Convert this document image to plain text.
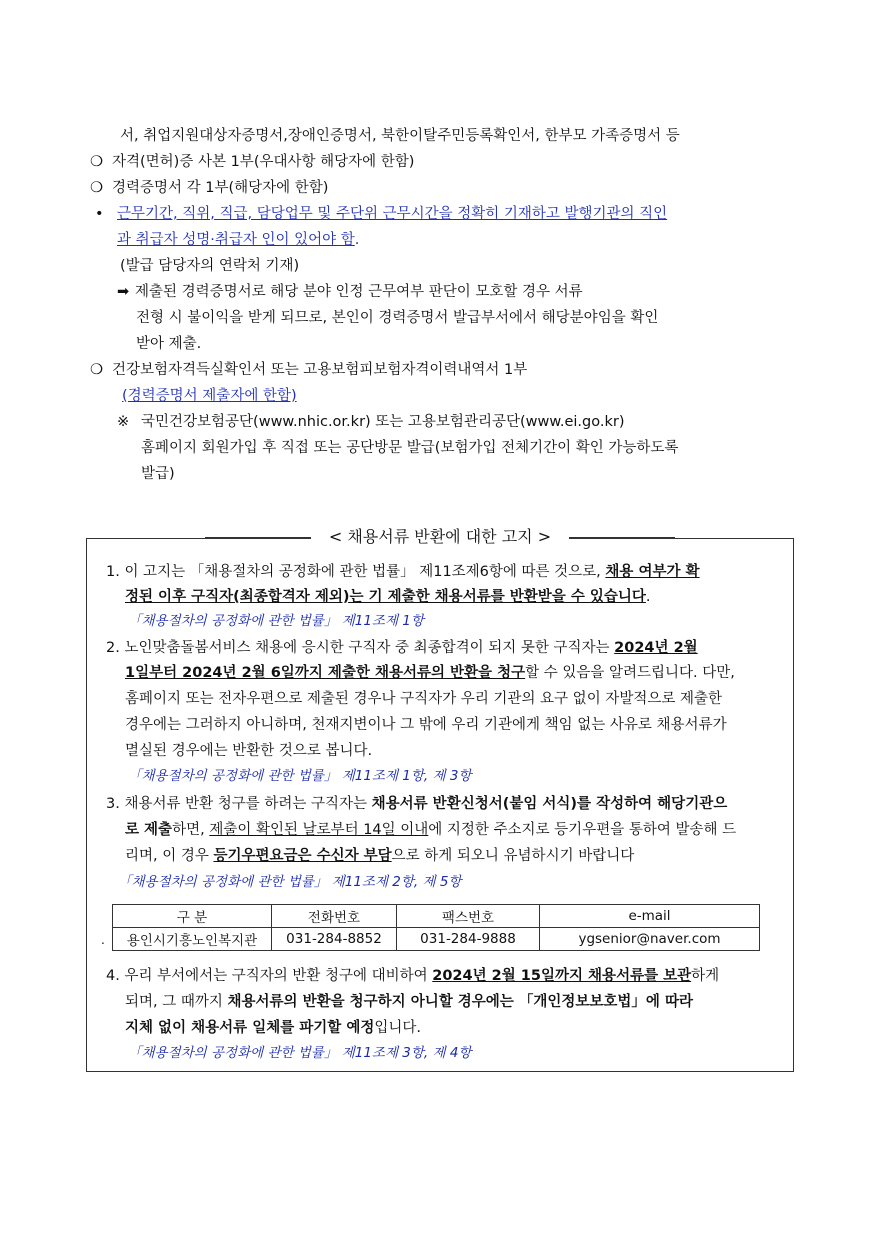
서, 취업지원대상자증명서,장애인증명서, 북한이탈주민등록확인서, 한부모 가족증명서 등
❍ 자격(면허)증 사본 1부(우대사항 해당자에 한함)
❍ 경력증명서 각 1부(해당자에 한함)
• 근무기간, 직위, 직급, 담당업무 및 주단위 근무시간을 정확히 기재하고 발행기관의 직인
과 취급자 성명·취급자 인이 있어야 함.
(발급 담당자의 연락처 기재)
➡ 제출된 경력증명서로 해당 분야 인정 근무여부 판단이 모호할 경우 서류
전형 시 불이익을 받게 되므로, 본인이 경력증명서 발급부서에서 해당분야임을 확인
받아 제출.
❍ 건강보험자격득실확인서 또는 고용보험피보험자격이력내역서 1부
(경력증명서 제출자에 한함)
※ 국민건강보험공단(www.nhic.or.kr) 또는 고용보험관리공단(www.ei.go.kr)
홈페이지 회원가입 후 직접 또는 공단방문 발급(보험가입 전체기간이 확인 가능하도록
발급)
< 채용서류 반환에 대한 고지 >
1. 이 고지는 「채용절차의 공정화에 관한 법률」 제11조제6항에 따른 것으로, 채용 여부가 확
정된 이후 구직자(최종합격자 제외)는 기 제출한 채용서류를 반환받을 수 있습니다.
「채용절차의 공정화에 관한 법률」 제11조제 1항
2. 노인맞춤돌봄서비스 채용에 응시한 구직자 중 최종합격이 되지 못한 구직자는 2024년 2월
1일부터 2024년 2월 6일까지 제출한 채용서류의 반환을 청구할 수 있음을 알려드립니다. 다만,
홈페이지 또는 전자우편으로 제출된 경우나 구직자가 우리 기관의 요구 없이 자발적으로 제출한
경우에는 그러하지 아니하며, 천재지변이나 그 밖에 우리 기관에게 책임 없는 사유로 채용서류가
멸실된 경우에는 반환한 것으로 봅니다.
「채용절차의 공정화에 관한 법률」 제11조제 1항, 제 3항
3. 채용서류 반환 청구를 하려는 구직자는 채용서류 반환신청서(붙임 서식)를 작성하여 해당기관으
로 제출하면, 제출이 확인된 날로부터 14일 이내에 지정한 주소지로 등기우편을 통하여 발송해 드
리며, 이 경우 등기우편요금은 수신자 부담으로 하게 되오니 유념하시기 바랍니다
「채용절차의 공정화에 관한 법률」 제11조제 2항, 제 5항
.
구 분	전화번호	팩스번호	e-mail
용인시기흥노인복지관	031-284-8852	031-284-9888	ygsenior@naver.com
4. 우리 부서에서는 구직자의 반환 청구에 대비하여 2024년 2월 15일까지 채용서류를 보관하게
되며, 그 때까지 채용서류의 반환을 청구하지 아니할 경우에는 「개인정보보호법」에 따라
지체 없이 채용서류 일체를 파기할 예정입니다.
「채용절차의 공정화에 관한 법률」 제11조제 3항, 제 4항
